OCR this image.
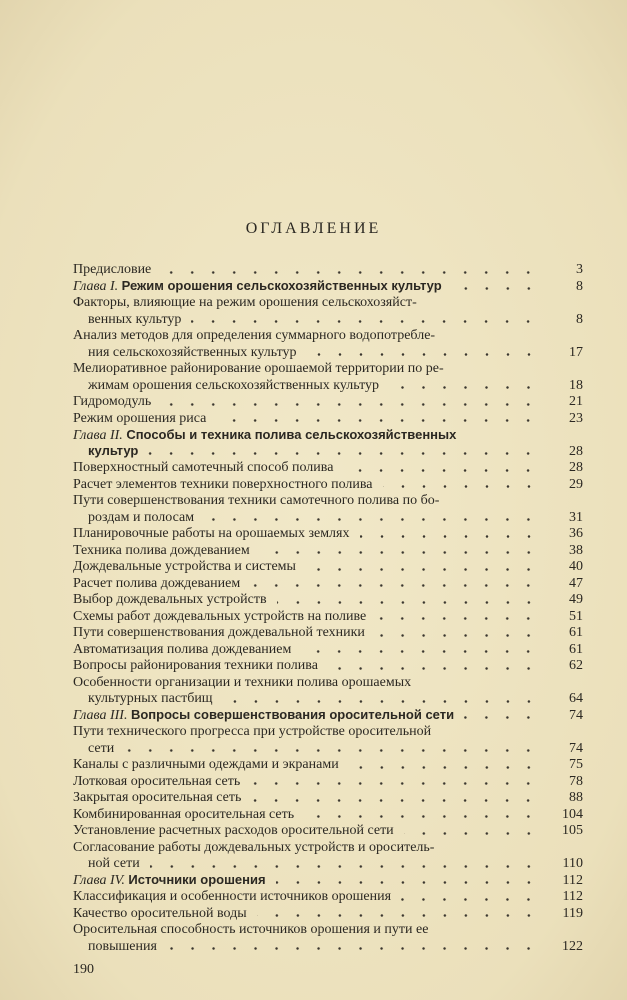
ОГЛАВЛЕНИЕ
Предисловие	3
Глава I. Режим орошения сельскохозяйственных культур	8
Факторы, влияющие на режим орошения сельскохозяйст-
венных культур	8
Анализ методов для определения суммарного водопотребле-
ния сельскохозяйственных культур	17
Мелиоративное районирование орошаемой территории по ре-
жимам орошения сельскохозяйственных культур	18
Гидромодуль	21
Режим орошения риса	23
Глава II. Способы и техника полива сельскохозяйственных
культур	28
Поверхностный самотечный способ полива	28
Расчет элементов техники поверхностного полива	29
Пути совершенствования техники самотечного полива по бо-
роздам и полосам	31
Планировочные работы на орошаемых землях	36
Техника полива дождеванием	38
Дождевальные устройства и системы	40
Расчет полива дождеванием	47
Выбор дождевальных устройств	49
Схемы работ дождевальных устройств на поливе	51
Пути совершенствования дождевальной техники	61
Автоматизация полива дождеванием	61
Вопросы районирования техники полива	62
Особенности организации и техники полива орошаемых
культурных пастбищ	64
Глава III. Вопросы совершенствования оросительной сети	74
Пути технического прогресса при устройстве оросительной
сети	74
Каналы с различными одеждами и экранами	75
Лотковая оросительная сеть	78
Закрытая оросительная сеть	88
Комбинированная оросительная сеть	104
Установление расчетных расходов оросительной сети	105
Согласование работы дождевальных устройств и ороситель-
ной сети	110
Глава IV. Источники орошения	112
Классификация и особенности источников орошения	112
Качество оросительной воды	119
Оросительная способность источников орошения и пути ее
повышения	122
190
